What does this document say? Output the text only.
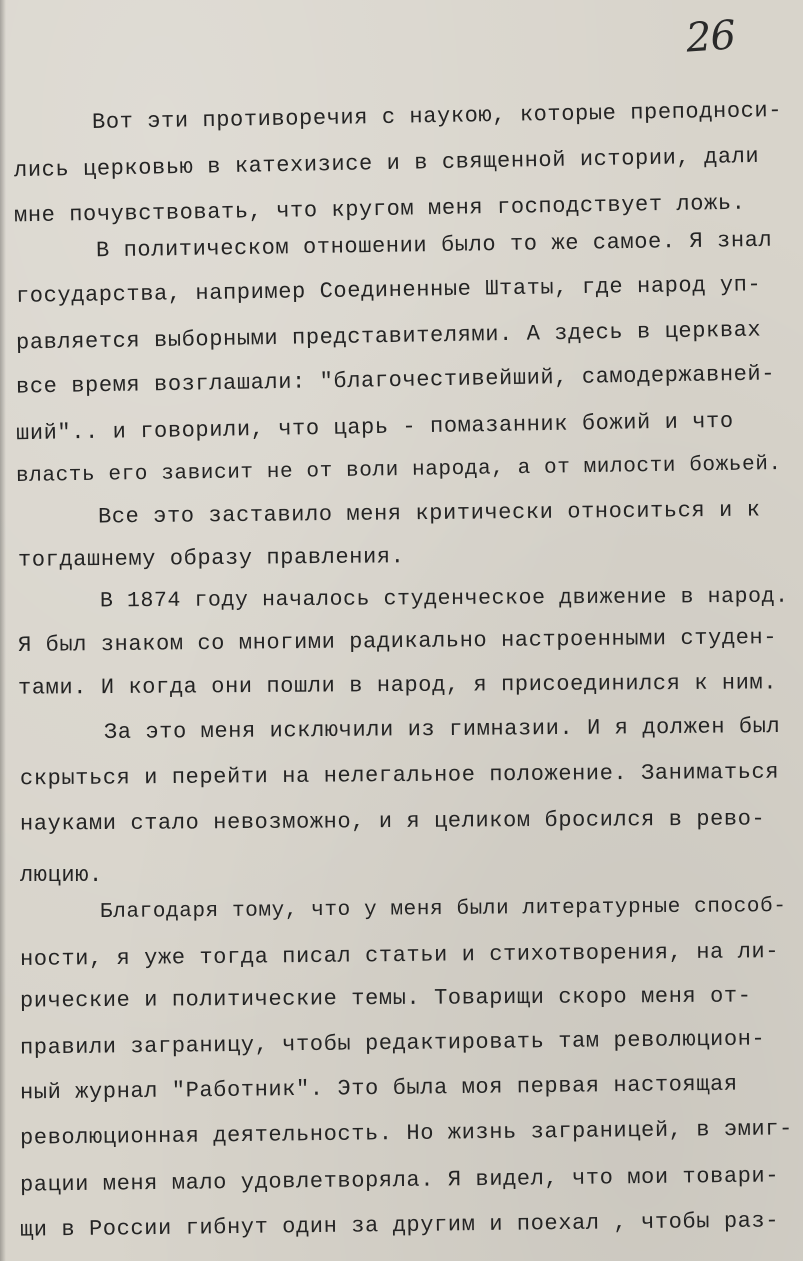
26
Вот эти противоречия с наукою, которые преподноси-
лись церковью в катехизисе и в священной истории, дали
мне почувствовать, что кругом меня господствует ложь.
В политическом отношении было то же самое. Я знал
государства, например Соединенные Штаты, где народ уп-
равляется выборными представителями. А здесь в церквах
все время возглашали: "благочестивейший, самодержавней-
ший".. и говорили, что царь - помазанник божий и что
власть его зависит не от воли народа, а от милости божьей.
Все это заставило меня критически относиться и к
тогдашнему образу правления.
В 1874 году началось студенческое движение в народ.
Я был знаком со многими радикально настроенными студен-
тами. И когда они пошли в народ, я присоединился к ним.
За это меня исключили из гимназии. И я должен был
скрыться и перейти на нелегальное положение. Заниматься
науками стало невозможно, и я целиком бросился в рево-
люцию.
Благодаря тому, что у меня были литературные способ-
ности, я уже тогда писал статьи и стихотворения, на ли-
рические и политические темы. Товарищи скоро меня от-
правили заграницу, чтобы редактировать там революцион-
ный журнал "Работник". Это была моя первая настоящая
революционная деятельность. Но жизнь заграницей, в эмиг-
рации меня мало удовлетворяла. Я видел, что мои товари-
щи в России гибнут один за другим и поехал , чтобы раз-
